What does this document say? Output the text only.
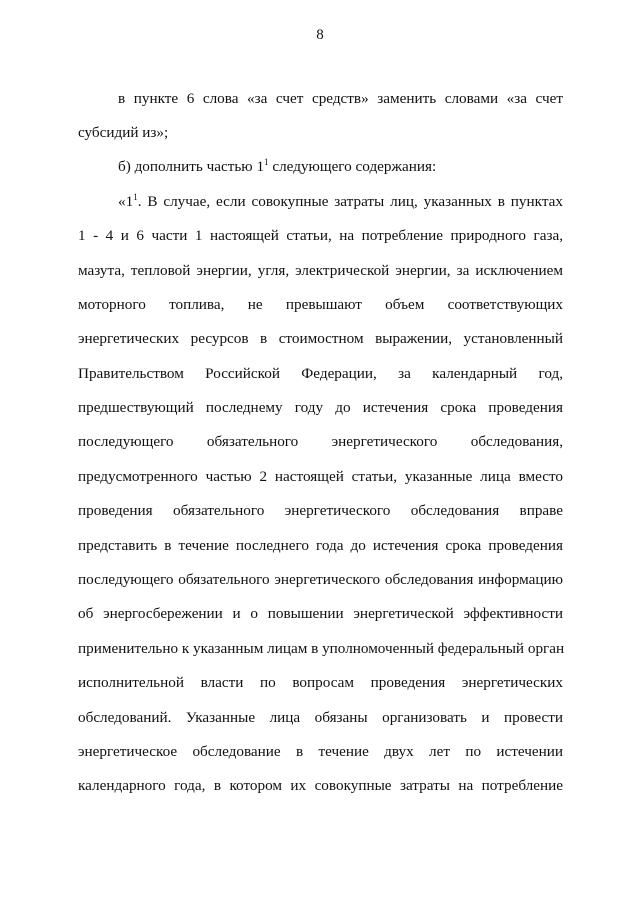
8
в пункте 6 слова «за счет средств» заменить словами «за счет
субсидий из»;
б) дополнить частью $1^1$ следующего содержания:
«$1^1$. В случае, если совокупные затраты лиц, указанных в пунктах
1 - 4 и 6 части 1 настоящей статьи, на потребление природного газа,
мазута, тепловой энергии, угля, электрической энергии, за исключением
моторного топлива, не превышают объем соответствующих
энергетических ресурсов в стоимостном выражении, установленный
Правительством Российской Федерации, за календарный год,
предшествующий последнему году до истечения срока проведения
последующего обязательного энергетического обследования,
предусмотренного частью 2 настоящей статьи, указанные лица вместо
проведения обязательного энергетического обследования вправе
представить в течение последнего года до истечения срока проведения
последующего обязательного энергетического обследования информацию
об энергосбережении и о повышении энергетической эффективности
применительно к указанным лицам в уполномоченный федеральный орган
исполнительной власти по вопросам проведения энергетических
обследований. Указанные лица обязаны организовать и провести
энергетическое обследование в течение двух лет по истечении
календарного года, в котором их совокупные затраты на потребление
